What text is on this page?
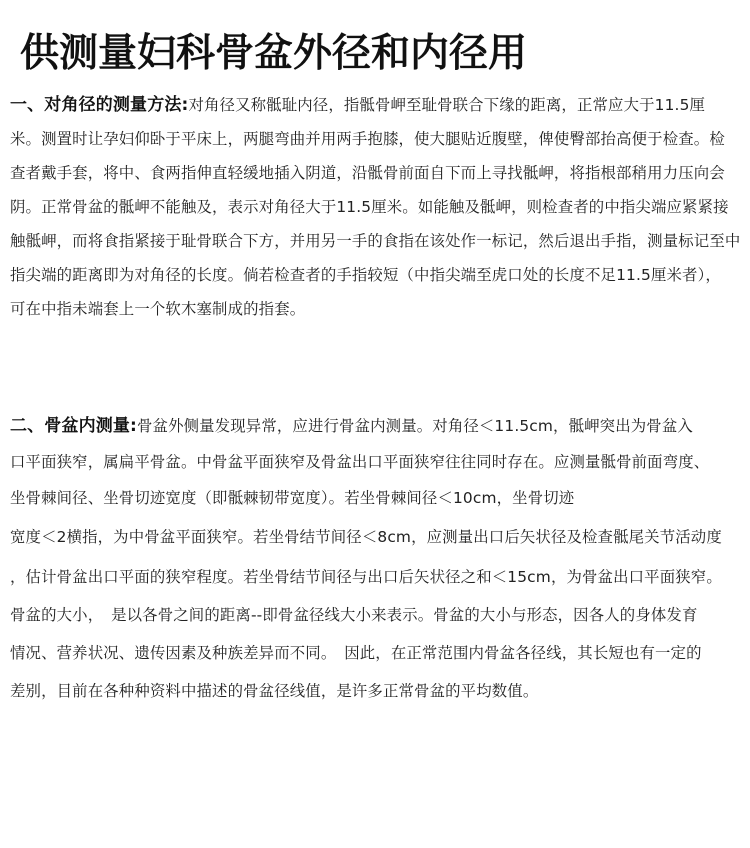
供测量妇科骨盆外径和内径用
一、对角径的测量方法:对角径又称骶耻内径，指骶骨岬至耻骨联合下缘的距离，正常应大于11.5厘
米。测置时让孕妇仰卧于平床上，两腿弯曲并用两手抱膝，使大腿贴近腹壁，俾使臀部抬高便于检查。检
查者戴手套，将中、食两指伸直轻缓地插入阴道，沿骶骨前面自下而上寻找骶岬，将指根部稍用力压向会
阴。正常骨盆的骶岬不能触及，表示对角径大于11.5厘米。如能触及骶岬，则检查者的中指尖端应紧紧接
触骶岬，而将食指紧接于耻骨联合下方，并用另一手的食指在该处作一标记，然后退出手指，测量标记至中
指尖端的距离即为对角径的长度。倘若检查者的手指较短（中指尖端至虎口处的长度不足11.5厘米者），
可在中指未端套上一个软木塞制成的指套。
二、骨盆内测量:骨盆外侧量发现异常，应进行骨盆内测量。对角径＜11.5cm，骶岬突出为骨盆入
口平面狭窄，属扁平骨盆。中骨盆平面狭窄及骨盆出口平面狭窄往往同时存在。应测量骶骨前面弯度、
坐骨棘间径、坐骨切迹宽度（即骶棘韧带宽度）。若坐骨棘间径＜10cm，坐骨切迹
宽度＜2横指，为中骨盆平面狭窄。若坐骨结节间径＜8cm，应测量出口后矢状径及检查骶尾关节活动度
，估计骨盆出口平面的狭窄程度。若坐骨结节间径与出口后矢状径之和＜15cm，为骨盆出口平面狭窄。
骨盆的大小，　是以各骨之间的距离--即骨盆径线大小来表示。骨盆的大小与形态，因各人的身体发育
情况、营养状况、遗传因素及种族差异而不同。　因此，在正常范围内骨盆各径线，其长短也有一定的
差别，目前在各种种资料中描述的骨盆径线值，是许多正常骨盆的平均数值。
